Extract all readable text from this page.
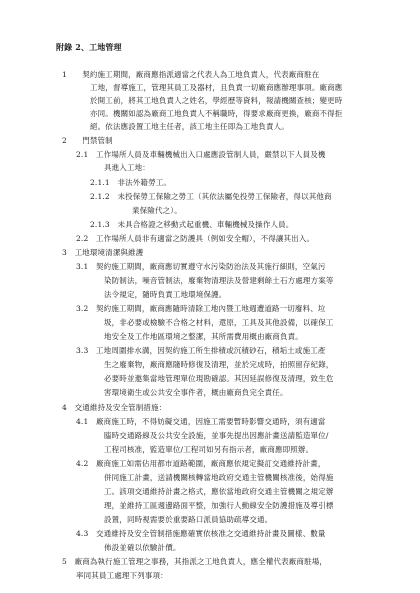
附錄 2、工地管理
1　　契約施工期間，廠商應指派適當之代表人為工地負責人，代表廠商駐在
工地，督導施工，管理其員工及器材，且負責一切廠商應辦理事項。廠商應
於開工前，將其工地負責人之姓名，學經歷等資料，報請機關查核；變更時
亦同。機關如認為廠商工地負責人不稱職時，得要求廠商更換，廠商不得拒
絕。依法應設置工地主任者，該工地主任即為工地負責人。
2　　門禁管制
2.1　工作場所人員及車輛機械出入口處應設管制人員，嚴禁以下人員及機
具進入工地：
2.1.1　非法外籍勞工。
2.1.2　未投保勞工保險之勞工（其依法屬免投勞工保險者，得以其他商
業保險代之）。
2.1.3　未具合格證之移動式起重機、車輛機械及操作人員。
2.2　工作場所人員非有適當之防護具（例如安全帽），不得讓其出入。
3　工地環境清潔與維護
3.1　契約施工期間，廠商應切實遵守水污染防治法及其施行細則，空氣污
染防制法，噪音管制法，廢棄物清理法及營建剩餘土石方處理方案等
法令規定，隨時負責工地環境保護。
3.2　契約施工期間，廠商應隨時清除工地內暨工地週遭道路一切廢料、垃
圾，非必要或檢驗不合格之材料，還原，工具及其他設備，以確保工
地安全及工作地區環境之整潔，其所需費用概由廠商負責。
3.3　工地周圍排水溝，因契約施工所生排積或沉積砂石，積垢土或施工產
生之廢棄物，廠商應隨時修復及清理，並於完成時，拍照留存紀錄，
必要時並邀集當地管理單位現勘確認。其因延誤修復及清理，致生危
害環境衛生或公共安全事件者，概由廠商負完全責任。
4　交通維持及安全管制措施：
4.1　廠商施工時，不得妨礙交通，因施工需要暫時影響交通時，須有適當
臨時交通路線及公共安全設施，並事先提出因應計畫送請監造單位/
工程司核准，監造單位/工程司如另有指示者，廠商應即照辦。
4.2　廠商施工如需佔用都市道路範圍，廠商應依規定擬訂交通維持計畫，
併同施工計畫，送請機關核轉當地政府交通主管機關核准後，始得施
工。該項交通維持計畫之格式，應依當地政府交通主管機關之規定辦
理，並維持工區週邊路面平整，加強行人動線安全防護措施及導引標
設置，同時視需要於重要路口派員協助疏導交通。
4.3　交通維持及安全管制措施應確實依核准之交通維持計畫及圖樣、數量
佈設並確以依驗計價。
5　廠商為執行施工管理之事務，其指派之工地負責人，應全權代表廠商駐場，
率同其員工處理下列事項：
